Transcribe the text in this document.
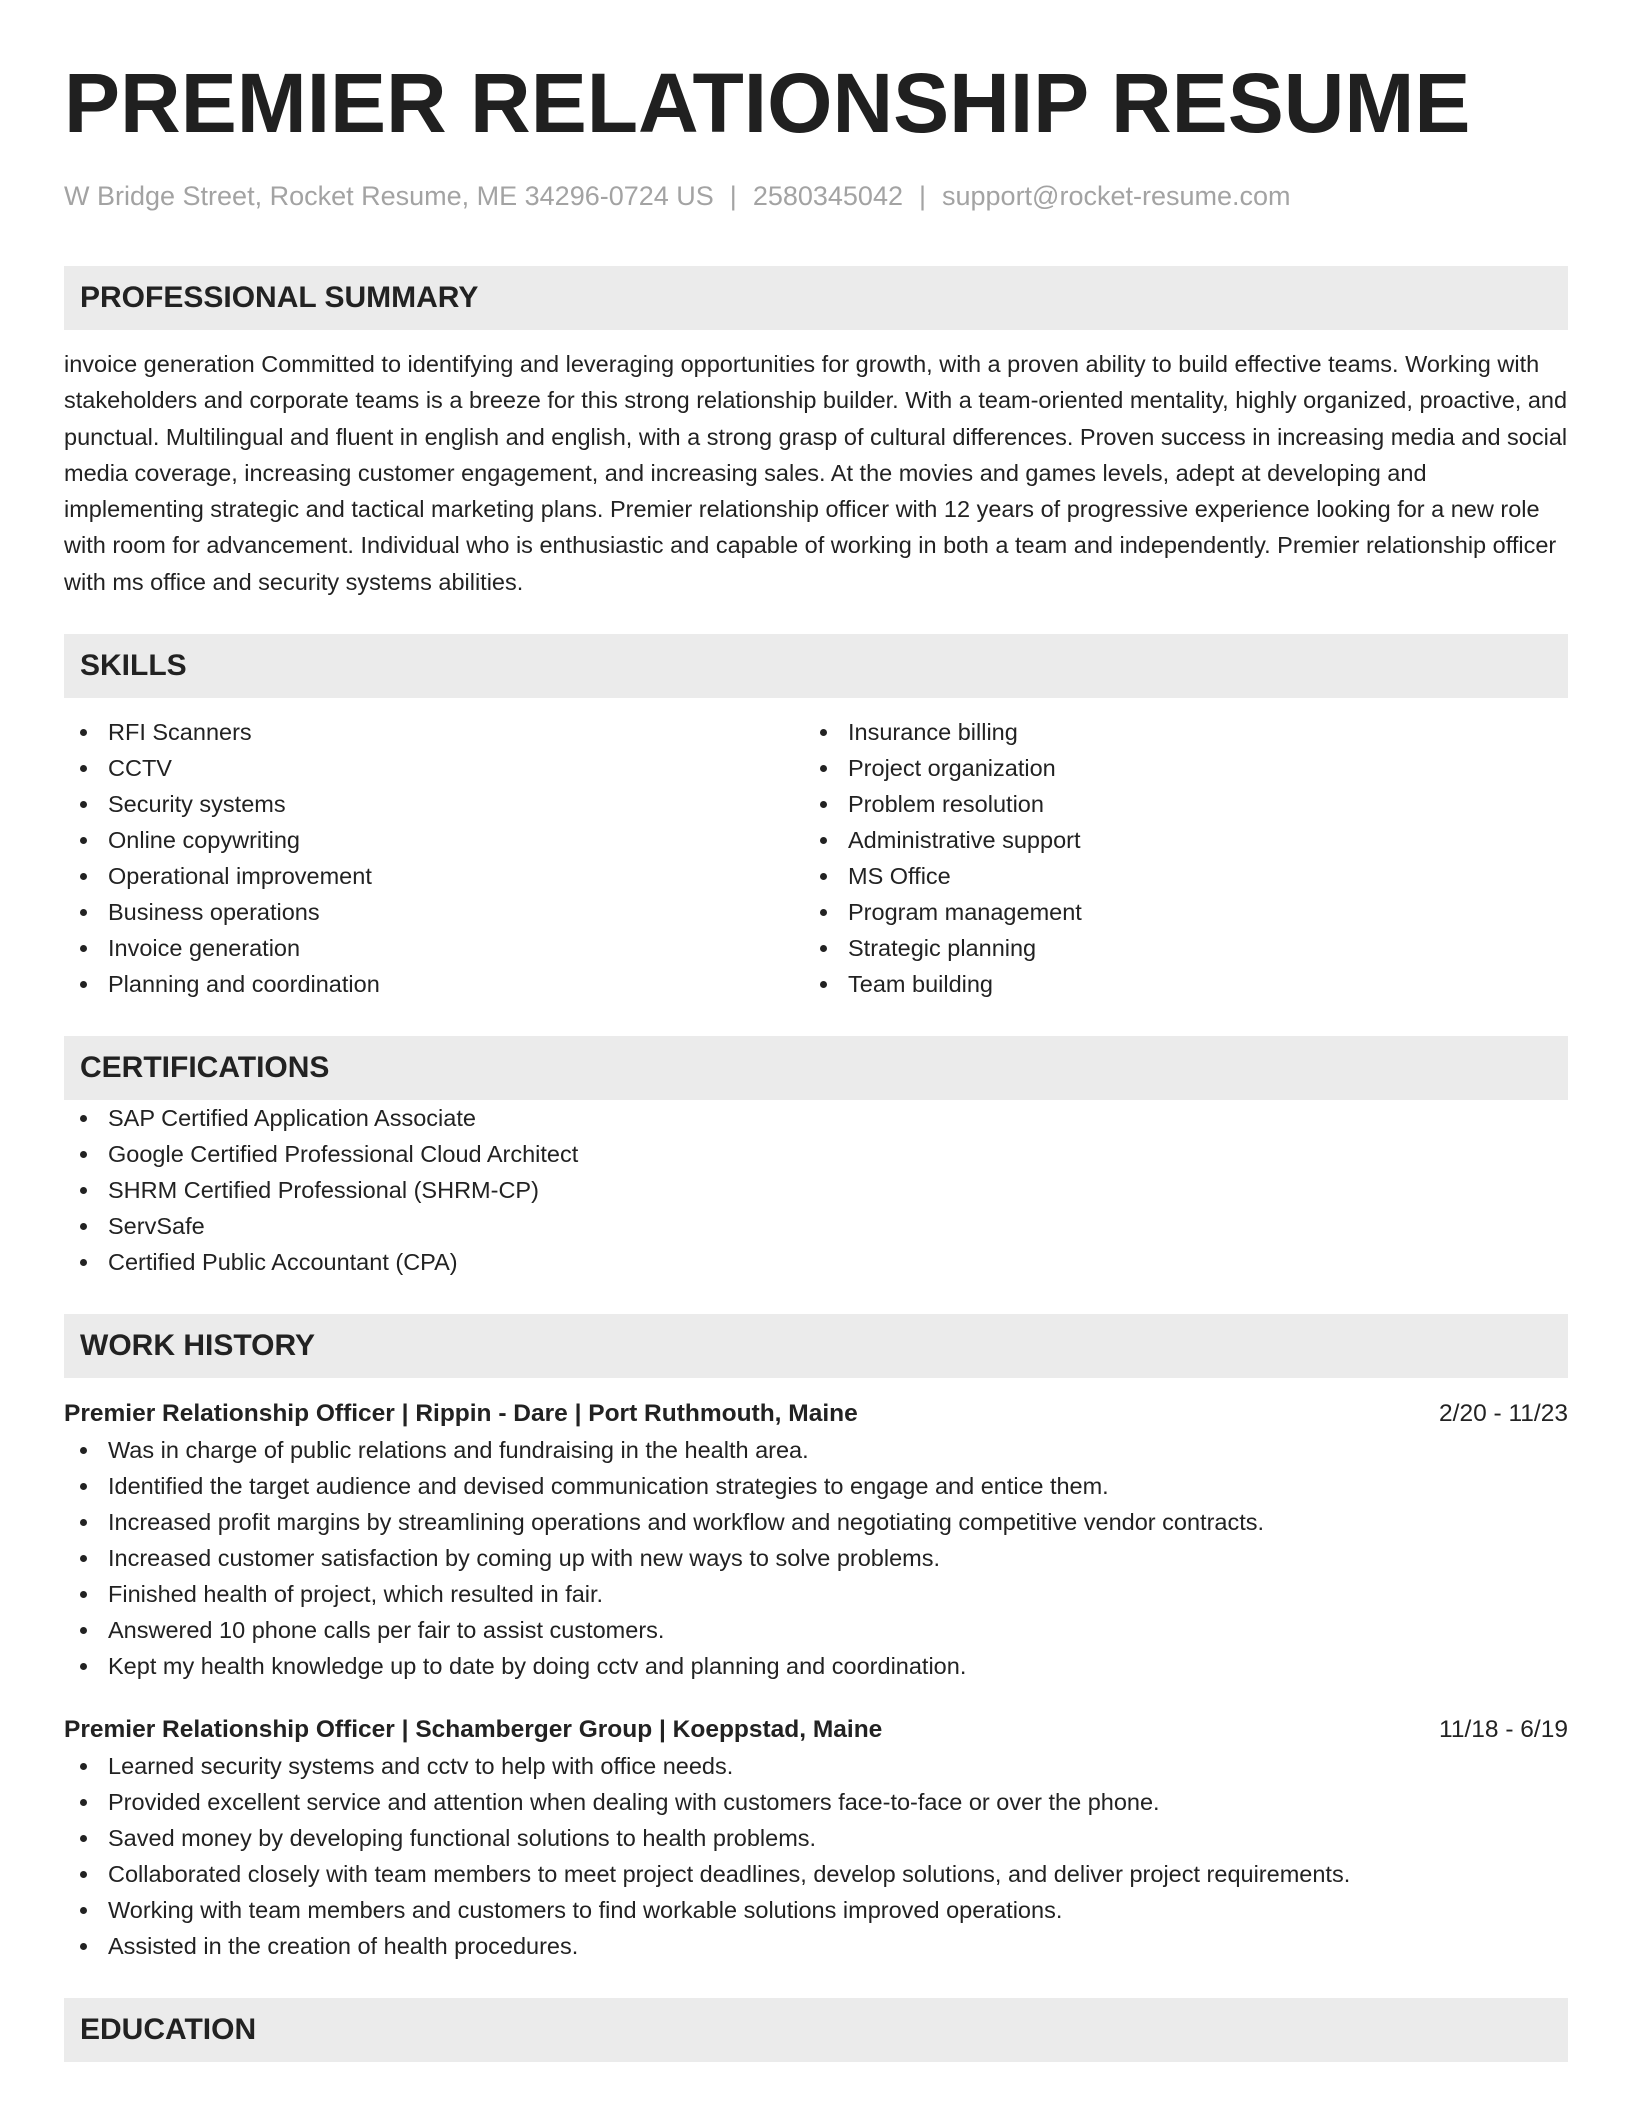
PREMIER RELATIONSHIP RESUME
W Bridge Street, Rocket Resume, ME 34296-0724 US | 2580345042 | support@rocket-resume.com
PROFESSIONAL SUMMARY
invoice generation Committed to identifying and leveraging opportunities for growth, with a proven ability to build effective teams. Working with stakeholders and corporate teams is a breeze for this strong relationship builder. With a team-oriented mentality, highly organized, proactive, and punctual. Multilingual and fluent in english and english, with a strong grasp of cultural differences. Proven success in increasing media and social media coverage, increasing customer engagement, and increasing sales. At the movies and games levels, adept at developing and implementing strategic and tactical marketing plans. Premier relationship officer with 12 years of progressive experience looking for a new role with room for advancement. Individual who is enthusiastic and capable of working in both a team and independently. Premier relationship officer with ms office and security systems abilities.
SKILLS
RFI Scanners
CCTV
Security systems
Online copywriting
Operational improvement
Business operations
Invoice generation
Planning and coordination
Insurance billing
Project organization
Problem resolution
Administrative support
MS Office
Program management
Strategic planning
Team building
CERTIFICATIONS
SAP Certified Application Associate
Google Certified Professional Cloud Architect
SHRM Certified Professional (SHRM-CP)
ServSafe
Certified Public Accountant (CPA)
WORK HISTORY
Premier Relationship Officer | Rippin - Dare | Port Ruthmouth, Maine	2/20 - 11/23
Was in charge of public relations and fundraising in the health area.
Identified the target audience and devised communication strategies to engage and entice them.
Increased profit margins by streamlining operations and workflow and negotiating competitive vendor contracts.
Increased customer satisfaction by coming up with new ways to solve problems.
Finished health of project, which resulted in fair.
Answered 10 phone calls per fair to assist customers.
Kept my health knowledge up to date by doing cctv and planning and coordination.
Premier Relationship Officer | Schamberger Group | Koeppstad, Maine	11/18 - 6/19
Learned security systems and cctv to help with office needs.
Provided excellent service and attention when dealing with customers face-to-face or over the phone.
Saved money by developing functional solutions to health problems.
Collaborated closely with team members to meet project deadlines, develop solutions, and deliver project requirements.
Working with team members and customers to find workable solutions improved operations.
Assisted in the creation of health procedures.
EDUCATION
